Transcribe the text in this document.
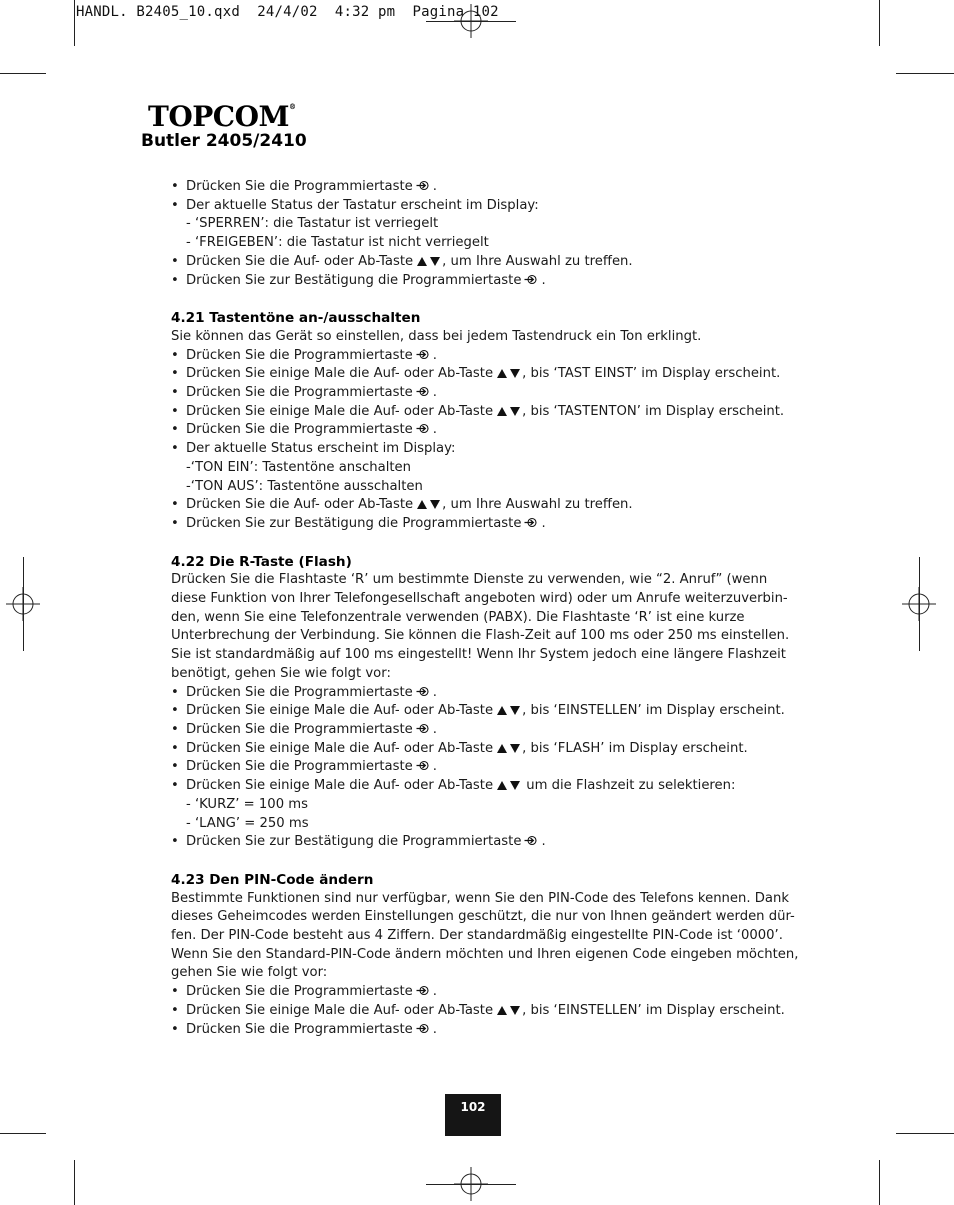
HANDL. B2405_10.qxd  24/4/02  4:32 pm  Pagina 102

TOPCOM®
Butler 2405/2410
• Drücken Sie die Programmiertaste .
• Der aktuelle Status der Tastatur erscheint im Display:
- ‘SPERREN’: die Tastatur ist verriegelt
- ‘FREIGEBEN’: die Tastatur ist nicht verriegelt
• Drücken Sie die Auf- oder Ab-Taste , um Ihre Auswahl zu treffen.
• Drücken Sie zur Bestätigung die Programmiertaste .
4.21 Tastentöne an-/ausschalten

Sie können das Gerät so einstellen, dass bei jedem Tastendruck ein Ton erklingt.

• Drücken Sie die Programmiertaste .
• Drücken Sie einige Male die Auf- oder Ab-Taste , bis ‘TAST EINST’ im Display erscheint.
• Drücken Sie die Programmiertaste .
• Drücken Sie einige Male die Auf- oder Ab-Taste , bis ‘TASTENTON’ im Display erscheint.
• Drücken Sie die Programmiertaste .
• Der aktuelle Status erscheint im Display:
-‘TON EIN’: Tastentöne anschalten
-‘TON AUS’: Tastentöne ausschalten
• Drücken Sie die Auf- oder Ab-Taste , um Ihre Auswahl zu treffen.
• Drücken Sie zur Bestätigung die Programmiertaste .
4.22 Die R-Taste (Flash)
Drücken Sie die Flashtaste ‘R’ um bestimmte Dienste zu verwenden, wie “2. Anruf” (wenn
diese Funktion von Ihrer Telefongesellschaft angeboten wird) oder um Anrufe weiterzuverbin-
den, wenn Sie eine Telefonzentrale verwenden (PABX). Die Flashtaste ‘R’ ist eine kurze
Unterbrechung der Verbindung. Sie können die Flash-Zeit auf 100 ms oder 250 ms einstellen.
Sie ist standardmäßig auf 100 ms eingestellt! Wenn Ihr System jedoch eine längere Flashzeit
benötigt, gehen Sie wie folgt vor:
• Drücken Sie die Programmiertaste .
• Drücken Sie einige Male die Auf- oder Ab-Taste , bis ‘EINSTELLEN’ im Display erscheint.
• Drücken Sie die Programmiertaste .
• Drücken Sie einige Male die Auf- oder Ab-Taste , bis ‘FLASH’ im Display erscheint.
• Drücken Sie die Programmiertaste .
• Drücken Sie einige Male die Auf- oder Ab-Taste um die Flashzeit zu selektieren:
- ‘KURZ’ = 100 ms
- ‘LANG’ = 250 ms
• Drücken Sie zur Bestätigung die Programmiertaste .
4.23 Den PIN-Code ändern
Bestimmte Funktionen sind nur verfügbar, wenn Sie den PIN-Code des Telefons kennen. Dank
dieses Geheimcodes werden Einstellungen geschützt, die nur von Ihnen geändert werden dür-
fen. Der PIN-Code besteht aus 4 Ziffern. Der standardmäßig eingestellte PIN-Code ist ‘0000’.
Wenn Sie den Standard-PIN-Code ändern möchten und Ihren eigenen Code eingeben möchten,
gehen Sie wie folgt vor:
• Drücken Sie die Programmiertaste .
• Drücken Sie einige Male die Auf- oder Ab-Taste , bis ‘EINSTELLEN’ im Display erscheint.
• Drücken Sie die Programmiertaste .
102
